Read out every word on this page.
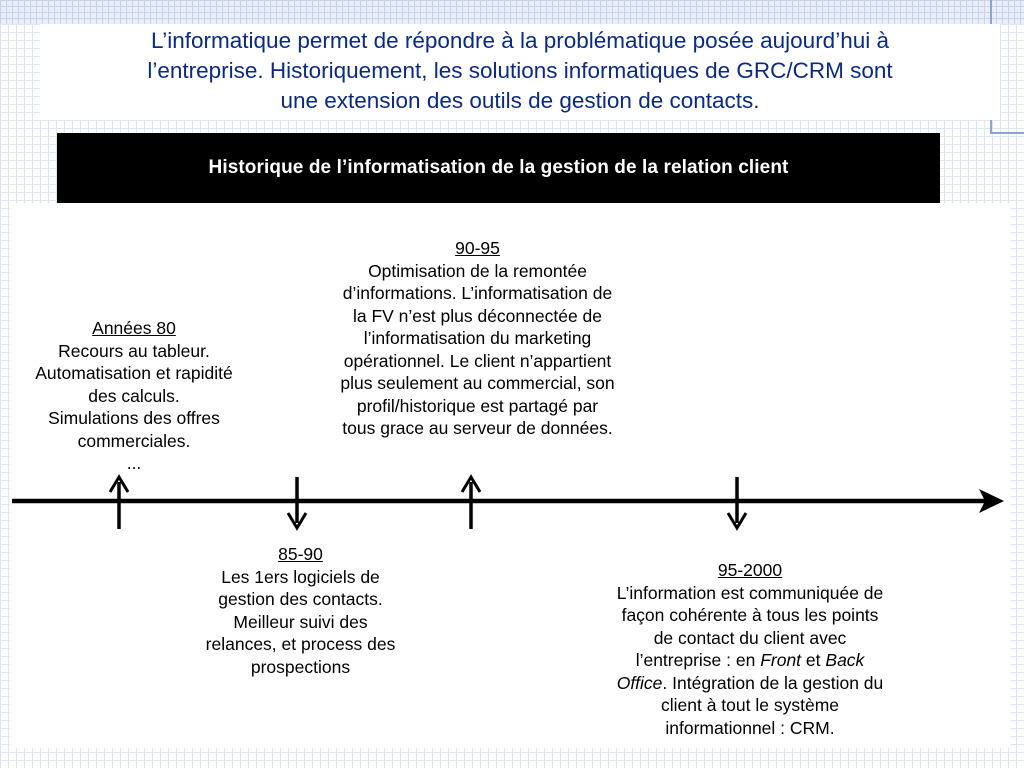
L’informatique permet de répondre à la problématique posée aujourd’hui à
l’entreprise. Historiquement, les solutions informatiques de GRC/CRM sont
une extension des outils de gestion de contacts.
Historique de l’informatisation de la gestion de la relation client
Années 80
Recours au tableur.
Automatisation et rapidité
des calculs.
Simulations des offres
commerciales.
...
90-95
Optimisation de la remontée
d’informations. L’informatisation de
la FV n’est plus déconnectée de
l’informatisation du marketing
opérationnel. Le client n’appartient
plus seulement au commercial, son
profil/historique est partagé par
tous grace au serveur de données.
85-90
Les 1ers logiciels de
gestion des contacts.
Meilleur suivi des
relances, et process des
prospections
95-2000
L’information est communiquée de
façon cohérente à tous les points
de contact du client avec
l’entreprise : en Front et Back
Office. Intégration de la gestion du
client à tout le système
informationnel : CRM.
